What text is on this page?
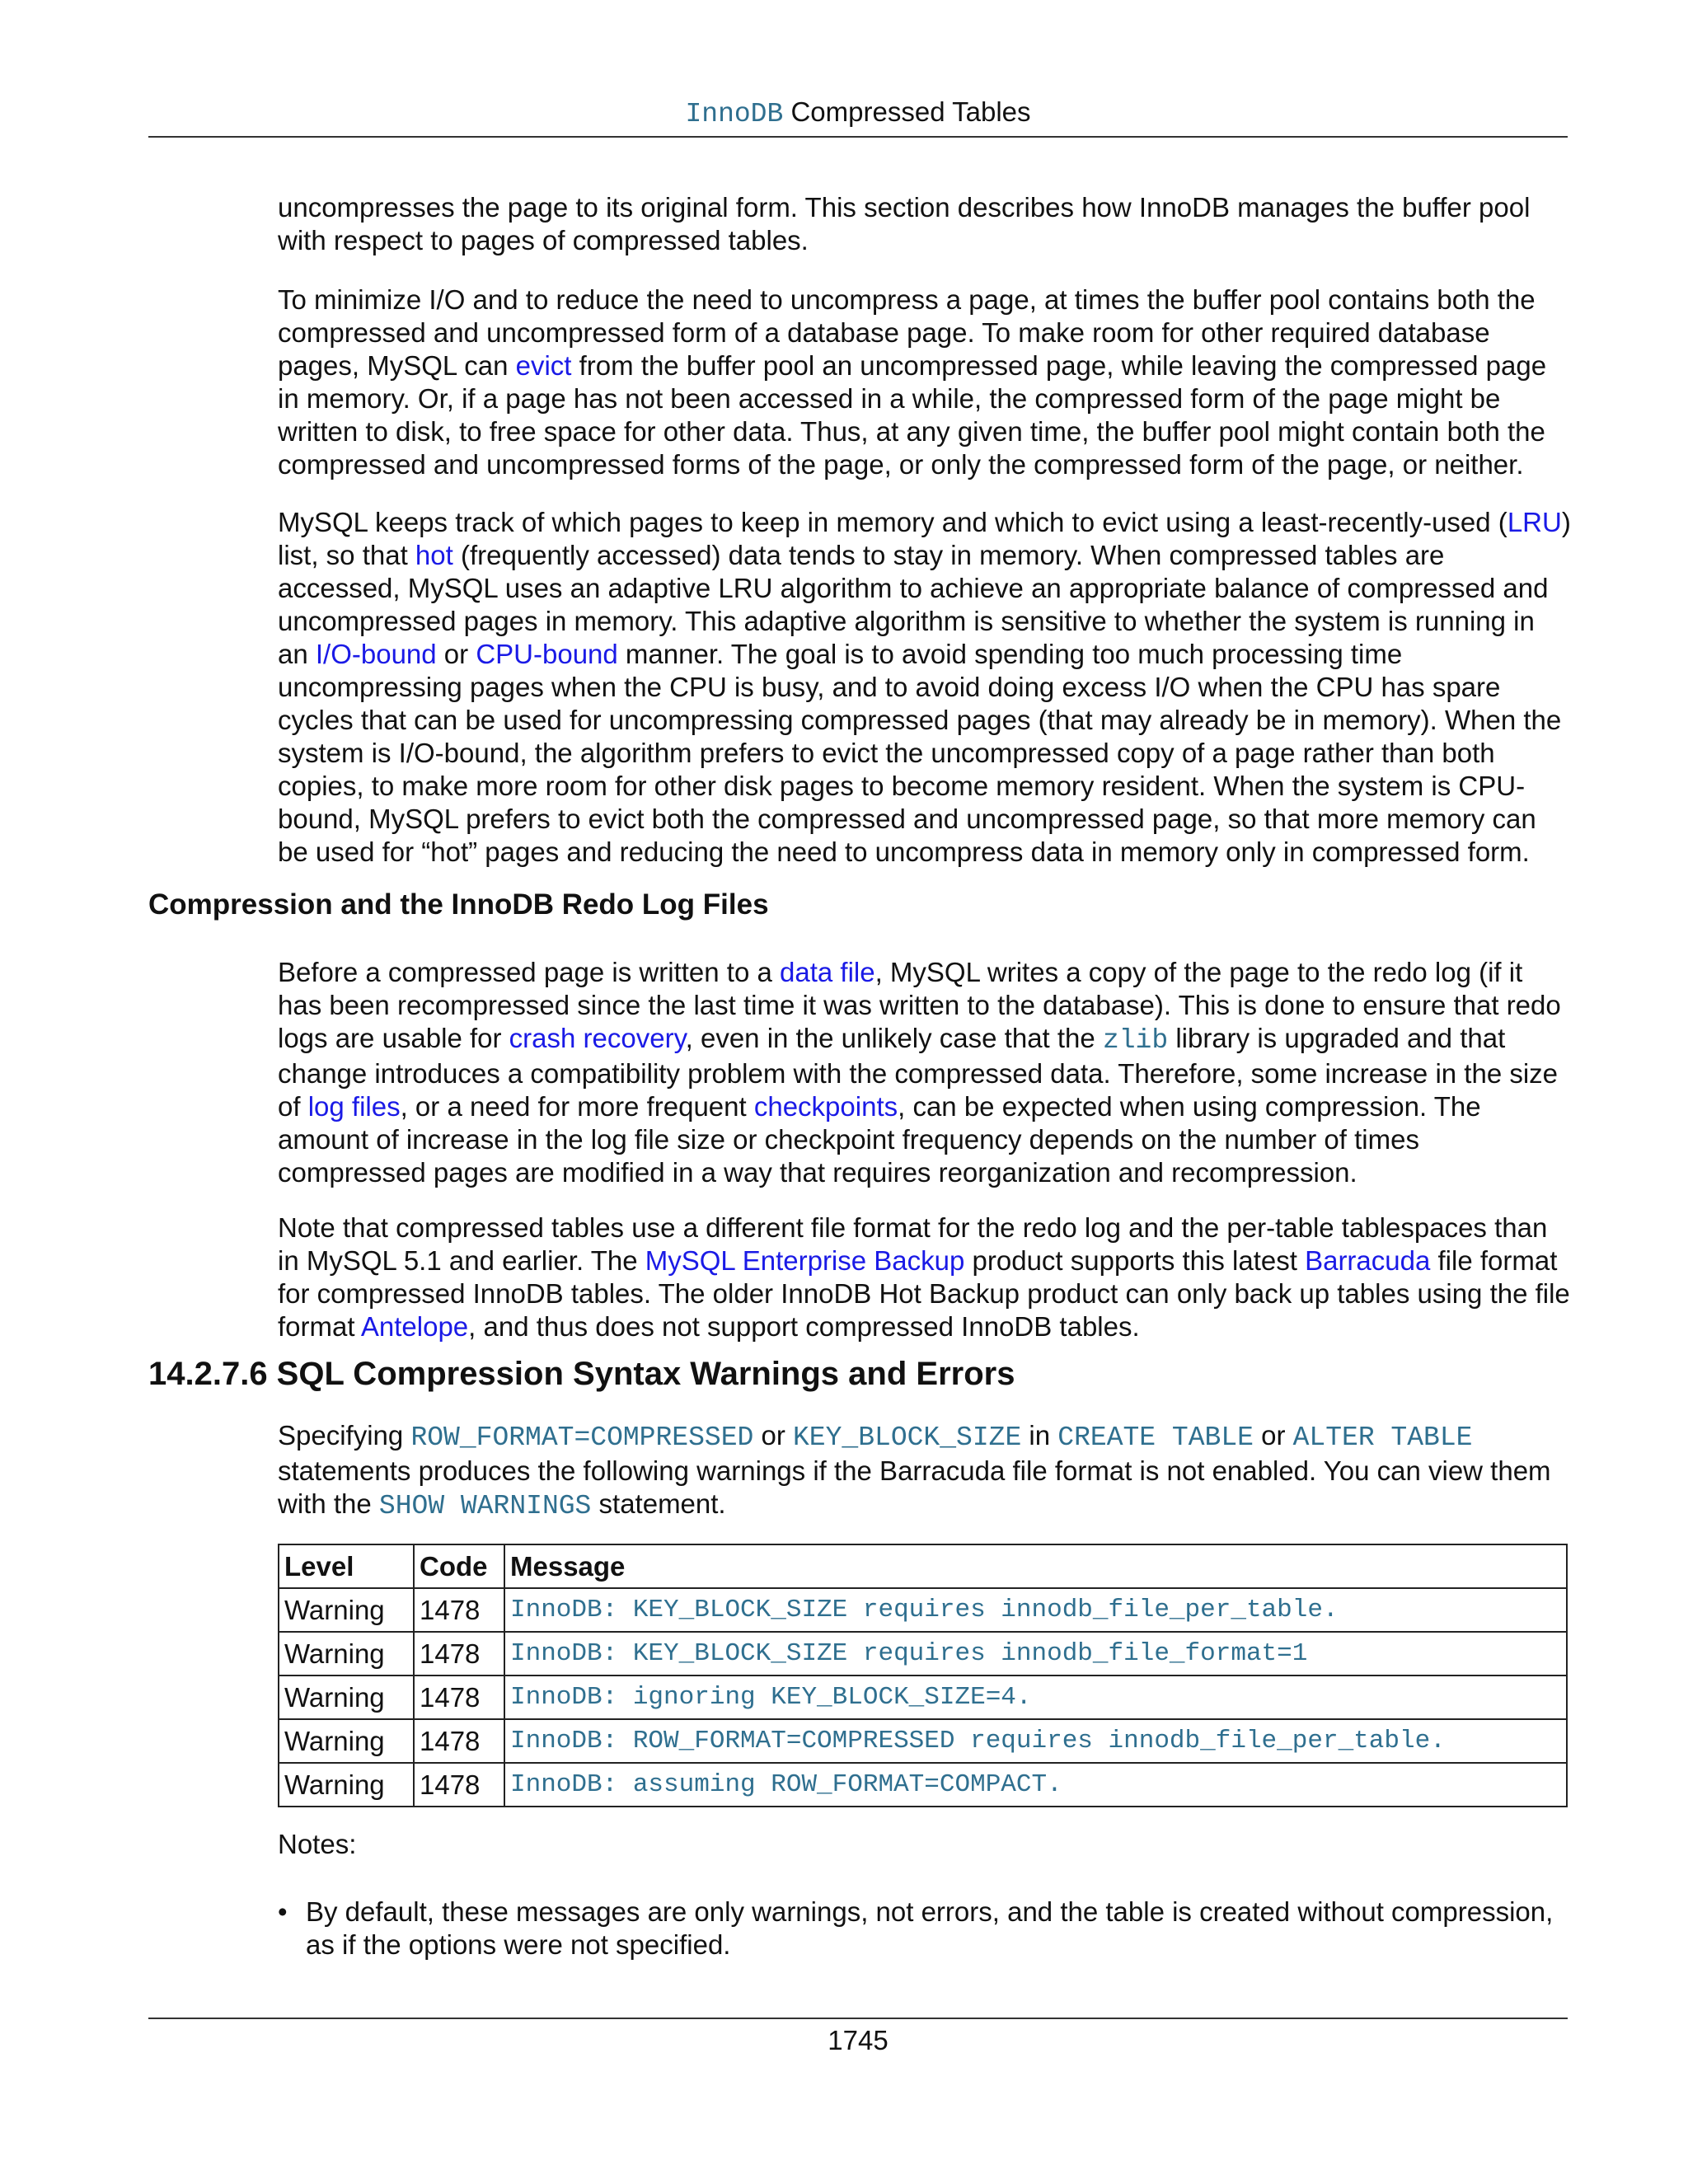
InnoDB Compressed Tables

uncompresses the page to its original form. This section describes how InnoDB manages the buffer pool with respect to pages of compressed tables.

To minimize I/O and to reduce the need to uncompress a page, at times the buffer pool contains both the compressed and uncompressed form of a database page. To make room for other required database pages, MySQL can evict from the buffer pool an uncompressed page, while leaving the compressed page in memory. Or, if a page has not been accessed in a while, the compressed form of the page might be written to disk, to free space for other data. Thus, at any given time, the buffer pool might contain both the compressed and uncompressed forms of the page, or only the compressed form of the page, or neither.

MySQL keeps track of which pages to keep in memory and which to evict using a least-recently-used (LRU) list, so that hot (frequently accessed) data tends to stay in memory. When compressed tables are accessed, MySQL uses an adaptive LRU algorithm to achieve an appropriate balance of compressed and uncompressed pages in memory. This adaptive algorithm is sensitive to whether the system is running in an I/O-bound or CPU-bound manner. The goal is to avoid spending too much processing time uncompressing pages when the CPU is busy, and to avoid doing excess I/O when the CPU has spare cycles that can be used for uncompressing compressed pages (that may already be in memory). When the system is I/O-bound, the algorithm prefers to evict the uncompressed copy of a page rather than both copies, to make more room for other disk pages to become memory resident. When the system is CPU-bound, MySQL prefers to evict both the compressed and uncompressed page, so that more memory can be used for “hot” pages and reducing the need to uncompress data in memory only in compressed form.

Compression and the InnoDB Redo Log Files

Before a compressed page is written to a data file, MySQL writes a copy of the page to the redo log (if it has been recompressed since the last time it was written to the database). This is done to ensure that redo logs are usable for crash recovery, even in the unlikely case that the zlib library is upgraded and that change introduces a compatibility problem with the compressed data. Therefore, some increase in the size of log files, or a need for more frequent checkpoints, can be expected when using compression. The amount of increase in the log file size or checkpoint frequency depends on the number of times compressed pages are modified in a way that requires reorganization and recompression.

Note that compressed tables use a different file format for the redo log and the per-table tablespaces than in MySQL 5.1 and earlier. The MySQL Enterprise Backup product supports this latest Barracuda file format for compressed InnoDB tables. The older InnoDB Hot Backup product can only back up tables using the file format Antelope, and thus does not support compressed InnoDB tables.

14.2.7.6 SQL Compression Syntax Warnings and Errors

Specifying ROW_FORMAT=COMPRESSED or KEY_BLOCK_SIZE in CREATE TABLE or ALTER TABLE statements produces the following warnings if the Barracuda file format is not enabled. You can view them with the SHOW WARNINGS statement.

Level	Code	Message
Warning	1478	InnoDB: KEY_BLOCK_SIZE requires innodb_file_per_table.
Warning	1478	InnoDB: KEY_BLOCK_SIZE requires innodb_file_format=1
Warning	1478	InnoDB: ignoring KEY_BLOCK_SIZE=4.
Warning	1478	InnoDB: ROW_FORMAT=COMPRESSED requires innodb_file_per_table.
Warning	1478	InnoDB: assuming ROW_FORMAT=COMPACT.

Notes:

• By default, these messages are only warnings, not errors, and the table is created without compression, as if the options were not specified.
1745
